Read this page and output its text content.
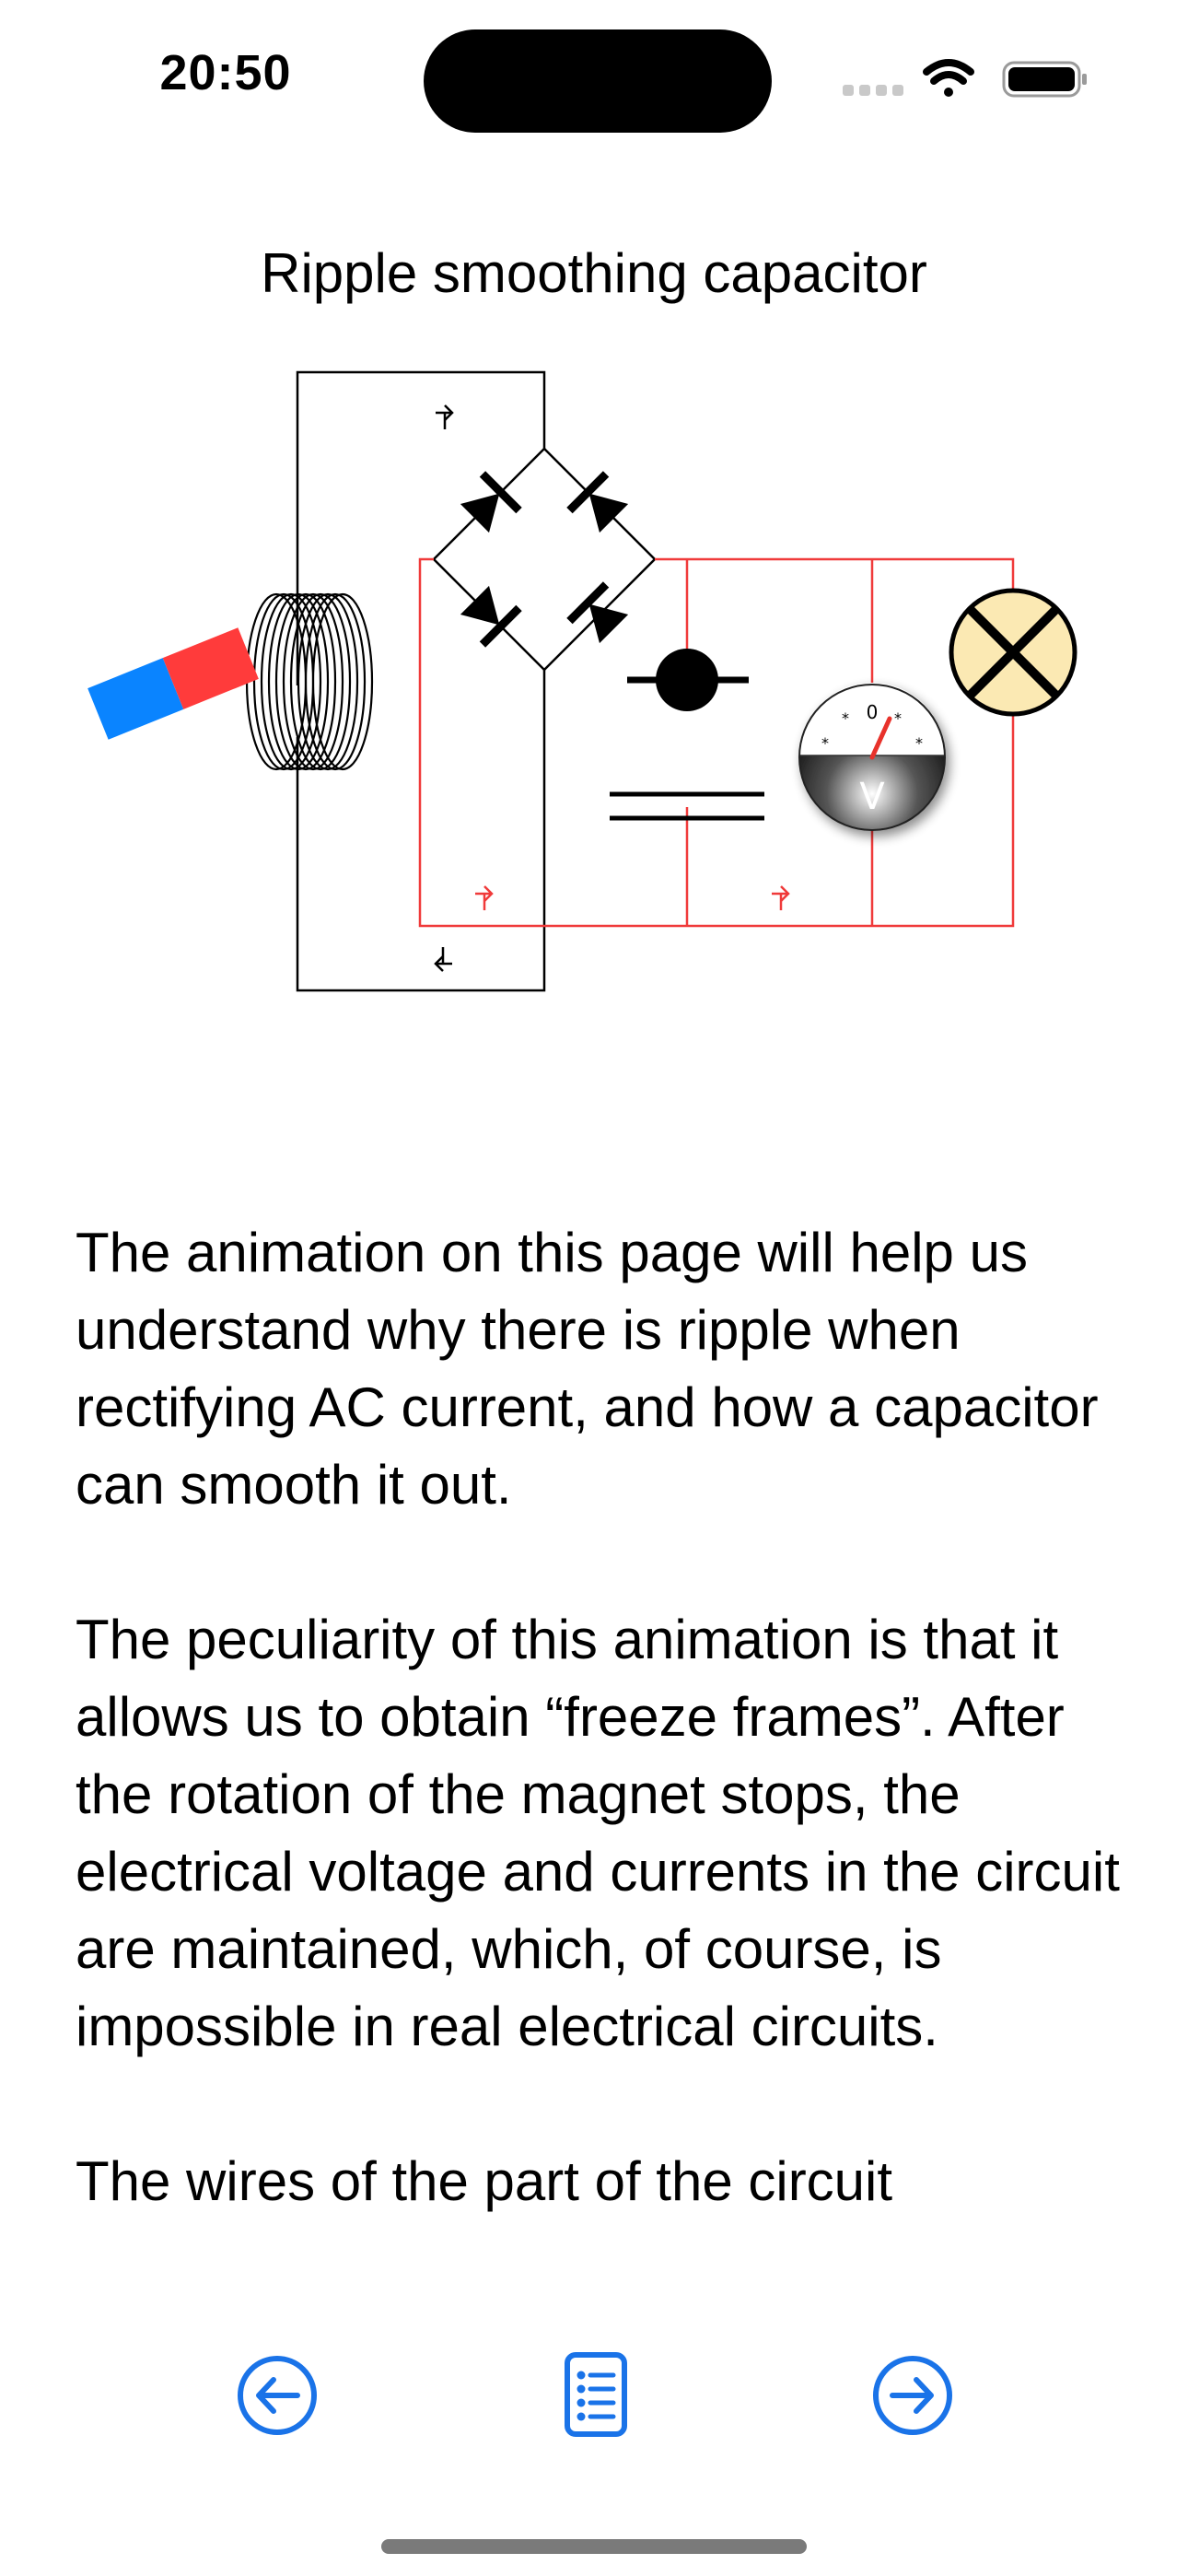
20:50
Ripple smoothing capacitor
*
*	*
*
0
V

The animation on this page will help us understand why there is ripple when rectifying AC current, and how a capacitor can smooth it out.

The peculiarity of this animation is that it allows us to obtain “freeze frames”. After the rotation of the magnet stops, the electrical voltage and currents in the circuit are maintained, which, of course, is impossible in real electrical circuits.

The wires of the part of the circuit
